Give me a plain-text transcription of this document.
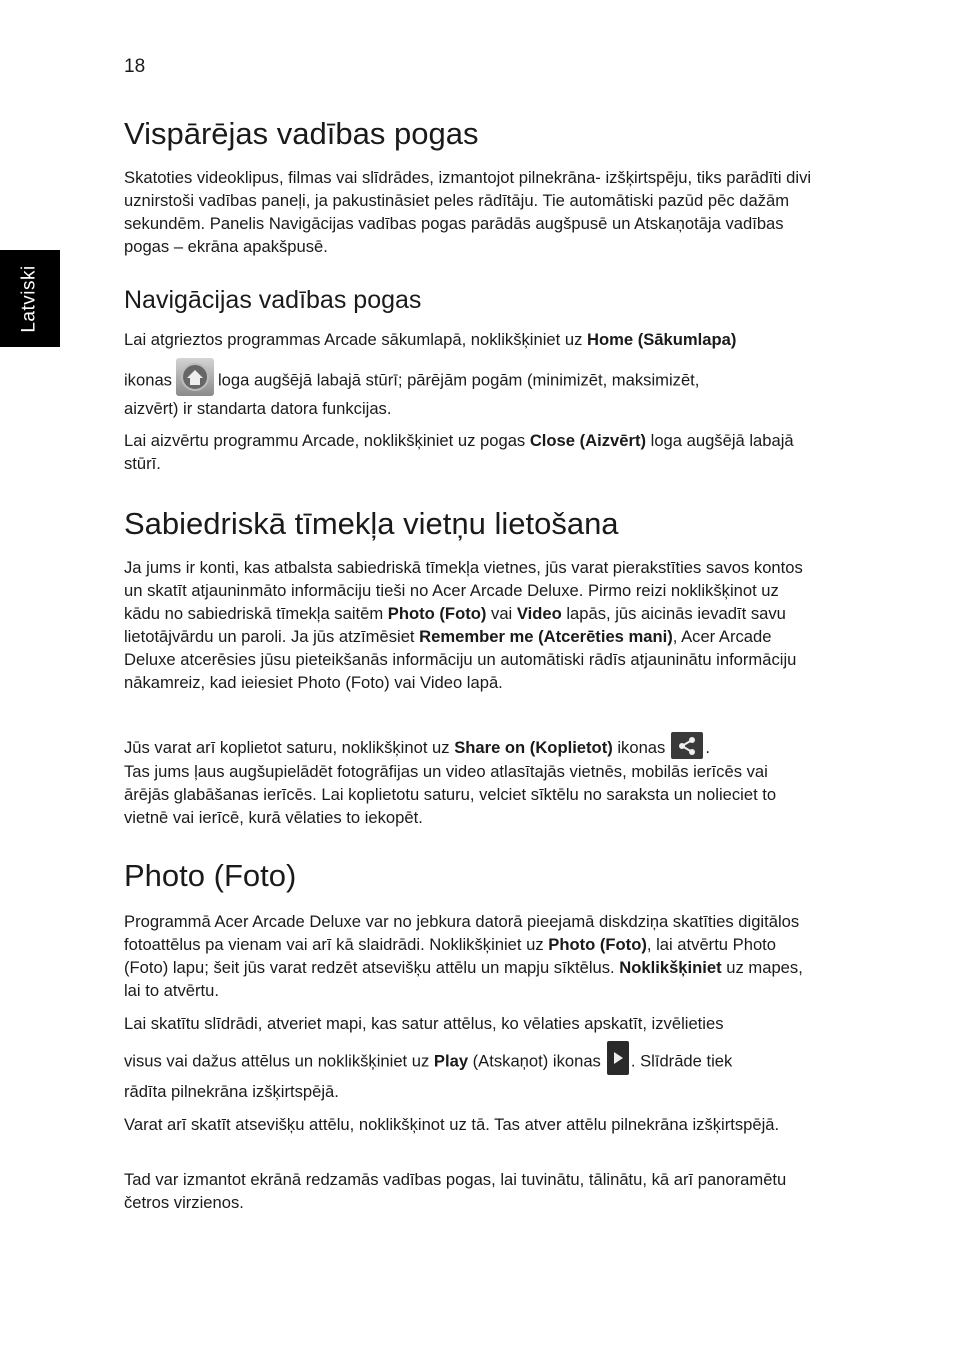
18
Latviski
Vispārējas vadības pogas

Skatoties videoklipus, filmas vai slīdrādes, izmantojot pilnekrāna- izšķirtspēju, tiks parādīti divi uznirstoši vadības paneļi, ja pakustināsiet peles rādītāju. Tie automātiski pazūd pēc dažām sekundēm. Panelis Navigācijas vadības pogas parādās augšpusē un Atskaņotāja vadības pogas – ekrāna apakšpusē.

Navigācijas vadības pogas

Lai atgrieztos programmas Arcade sākumlapā, noklikšķiniet uz Home (Sākumlapa)

ikonas	loga augšējā labajā stūrī; pārējām pogām (minimizēt, maksimizēt,

aizvērt) ir standarta datora funkcijas.

Lai aizvērtu programmu Arcade, noklikšķiniet uz pogas Close (Aizvērt) loga augšējā labajā stūrī.

Sabiedriskā tīmekļa vietņu lietošana

Ja jums ir konti, kas atbalsta sabiedriskā tīmekļa vietnes, jūs varat pierakstīties savos kontos un skatīt atjauninmāto informāciju tieši no Acer Arcade Deluxe. Pirmo reizi noklikšķinot uz kādu no sabiedriskā tīmekļa saitēm Photo (Foto) vai Video lapās, jūs aicinās ievadīt savu lietotājvārdu un paroli. Ja jūs atzīmēsiet Remember me (Atcerēties mani), Acer Arcade Deluxe atcerēsies jūsu pieteikšanās informāciju un automātiski rādīs atjauninātu informāciju nākamreiz, kad ieiesiet Photo (Foto) vai Video lapā.

Jūs varat arī koplietot saturu, noklikšķinot uz Share on (Koplietot) ikonas .

Tas jums ļaus augšupielādēt fotogrāfijas un video atlasītajās vietnēs, mobilās ierīcēs vai ārējās glabāšanas ierīcēs. Lai koplietotu saturu, velciet sīktēlu no saraksta un nolieciet to vietnē vai ierīcē, kurā vēlaties to iekopēt.

Photo (Foto)

Programmā Acer Arcade Deluxe var no jebkura datorā pieejamā diskdziņa skatīties digitālos fotoattēlus pa vienam vai arī kā slaidrādi. Noklikšķiniet uz Photo (Foto), lai atvērtu Photo (Foto) lapu; šeit jūs varat redzēt atsevišķu attēlu un mapju sīktēlus. Noklikšķiniet uz mapes, lai to atvērtu.

Lai skatītu slīdrādi, atveriet mapi, kas satur attēlus, ko vēlaties apskatīt, izvēlieties

visus vai dažus attēlus un noklikšķiniet uz Play (Atskaņot) ikonas . Slīdrāde tiek

rādīta pilnekrāna izšķirtspējā.

Varat arī skatīt atsevišķu attēlu, noklikšķinot uz tā. Tas atver attēlu pilnekrāna izšķirtspējā.

Tad var izmantot ekrānā redzamās vadības pogas, lai tuvinātu, tālinātu, kā arī panoramētu četros virzienos.
